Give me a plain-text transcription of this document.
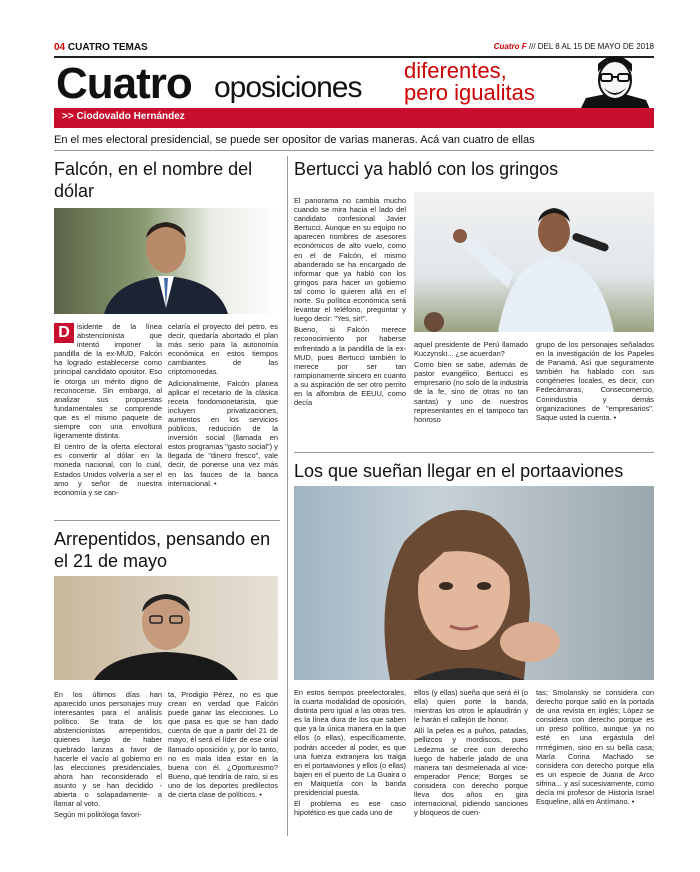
04 CUATRO TEMAS	Cuatro F /// DEL 8 AL 15 DE MAYO DE 2018
Cuatro oposiciones
diferentes,
pero igualitas
>> Ciodovaldo Hernández
En el mes electoral presidencial, se puede ser opositor de varias maneras. Acá van cuatro de ellas
Falcón, en el nombre del dólar
D isidente de la línea abstencionista que intentó imponer la pandilla de la ex-MUD, Falcón ha logrado establecerse como principal candidato opositor. Eso le otorga un mérito digno de reconocerse. Sin embargo, al analizar sus propuestas fundamentales se comprende que es el mismo paquete de siempre con una envoltura ligeramente distinta.

El centro de la oferta electoral es convertir al dólar en la moneda nacional, con lo cual, Estados Unidos volvería a ser el amo y señor de nuestra economía y se can-

celaría el proyecto del petro, es decir, quedaría abortado el plan más serio para la autonomía económica en estos tiempos cambiantes de las criptomonedas.

Adicionalmente, Falcón planea aplicar el recetario de la clásica receta fondomonetarista, que incluyen privatizaciones, aumentos en los servicios públicos, reducción de la inversión social (llamada en estos programas "gasto social") y llegada de "dinero fresco", vale decir, de ponerse una vez más en las fauces de la banca internacional. •

Arrepentidos, pensando en el 21 de mayo

En los últimos días han aparecido unos personajes muy interesantes para el análisis político. Se trata de los abstencionistas arrepentidos, quienes luego de haber quebrado lanzas a favor de hacerle el vacío al gobierno en las elecciones presidenciales, ahora han reconsiderado el asunto y se han decidido -abierta o solapadamente- a llamar al voto.

Según mi politóloga favori-

ta, Prodigio Pérez, no es que crean en verdad que Falcón puede ganar las elecciones. Lo que pasa es que se han dado cuenta de que a partir del 21 de mayo, él será el líder de ese orial llamado oposición y, por lo tanto, no es mala idea estar en la buena con él. ¿Oportunismo? Bueno, qué tendría de raro, si es uno de los deportes predilectos de cierta clase de políticos. •

Bertucci ya habló con los gringos

El panorama no cambia mucho cuando se mira hacia el lado del candidato confesional Javier Bertucci. Aunque en su equipo no aparecen nombres de asesores económicos de alto vuelo, como en el de Falcón, el mismo abanderado se ha encargado de informar que ya habló con los gringos para hacer un gobierno tal como lo quieren allá en el norte. Su política económica será levantar el teléfono, preguntar y luego decir: "Yes, sir!".

Bueno, si Falcón merece reconocimiento por haberse enfrentado a la pandilla de la ex-MUD, pues Bertucci también lo merece por ser tan rampionamente sincero en cuanto a su aspiración de ser otro perrito en la alfombra de EEUU, como decía

aquel presidente de Perú llamado Kuczynski... ¿se acuerdan?

Como bien se sabe, además de pastor evangélico, Bertucci es empresario (no solo de la industria de la fe, sino de otras no tan santas) y uno de nuestros representantes en el tampoco tan honroso

grupo de los personajes señalados en la investigación de los Papeles de Panamá. Así que seguramente también ha hablado con sus congéneres locales, es decir, con Fedecámaras, Consecomercio, Conindustria y demás organizaciones de "empresarios". Saque usted la cuenta. •

Los que sueñan llegar en el portaaviones

En estos tiempos preelectorales, la cuarta modalidad de oposición, distinta pero igual a las otras tres, es la línea dura de los que saben que ya la única manera en la que ellos (o ellas), específicamente, podrán acceder al poder, es que una fuerza extranjera los traiga en el portaaviones y ellos (o ellas) bajen en el puerto de La Guaira o en Maiquetía con la banda presidencial puesta.

El problema es ese caso hipotético es que cada uno de

ellos (y ellas) sueña que será él (o ella) quien porte la banda, mientras los otros le aplaudirán y le harán el callejón de honor.

Allí la pelea es a puños, patadas, pellizcos y mordiscos, pues Ledezma se cree con derecho luego de haberle jalado de una manera tan desmelenada al vice-emperador Pence; Borges se considera con derecho porque lleva dos años en gira internacional, pidiendo sanciones y bloqueos de cuen-

tas; Smolansky se considera con derecho porque salió en la portada de una revista en inglés; López se considera con derecho porque es un preso político, aunque ya no esté en una ergástula del rrrrrégimen, sino en su bella casa; María Corina Machado se considera con derecho porque ella es un especie de Juana de Arco sifrina... y así sucesivamente, como decía mi profesor de Historia Israel Esqueline, allá en Antímano. •
